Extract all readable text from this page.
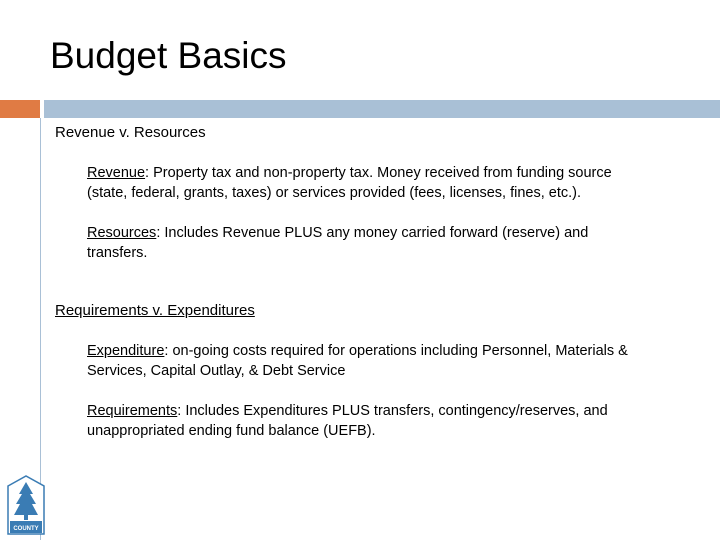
Budget Basics

Revenue v. Resources

Revenue: Property tax and non-property tax. Money received from funding source (state, federal, grants, taxes) or services provided (fees, licenses, fines, etc.).

Resources: Includes Revenue PLUS any money carried forward (reserve) and transfers.

Requirements v. Expenditures

Expenditure: on-going costs required for operations including Personnel, Materials & Services, Capital Outlay, & Debt Service

Requirements: Includes Expenditures PLUS transfers, contingency/reserves, and unappropriated ending fund balance (UEFB).

COUNTY
